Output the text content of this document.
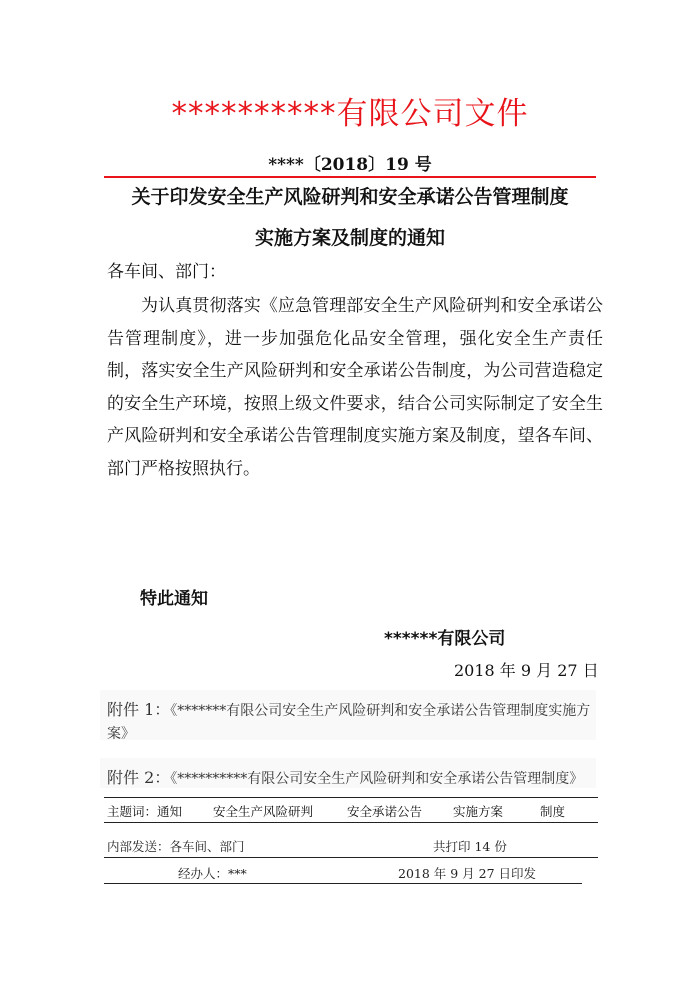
**********有限公司文件
****〔2018〕19 号
关于印发安全生产风险研判和安全承诺公告管理制度
实施方案及制度的通知
各车间、部门：

为认真贯彻落实《应急管理部安全生产风险研判和安全承诺公告管理制度》，进一步加强危化品安全管理，强化安全生产责任制，落实安全生产风险研判和安全承诺公告制度，为公司营造稳定的安全生产环境，按照上级文件要求，结合公司实际制定了安全生产风险研判和安全承诺公告管理制度实施方案及制度，望各车间、部门严格按照执行。

特此通知
******有限公司
2018 年 9 月 27 日
附件 1：《*******有限公司安全生产风险研判和安全承诺公告管理制度实施方
案》
附件 2：《**********有限公司安全生产风险研判和安全承诺公告管理制度》
主题词：通知 安全生产风险研判	安全承诺公告 实施方案	制度
内部发送：各车间、部门	共打印 14 份
经办人：***	2018 年 9 月 27 日印发
